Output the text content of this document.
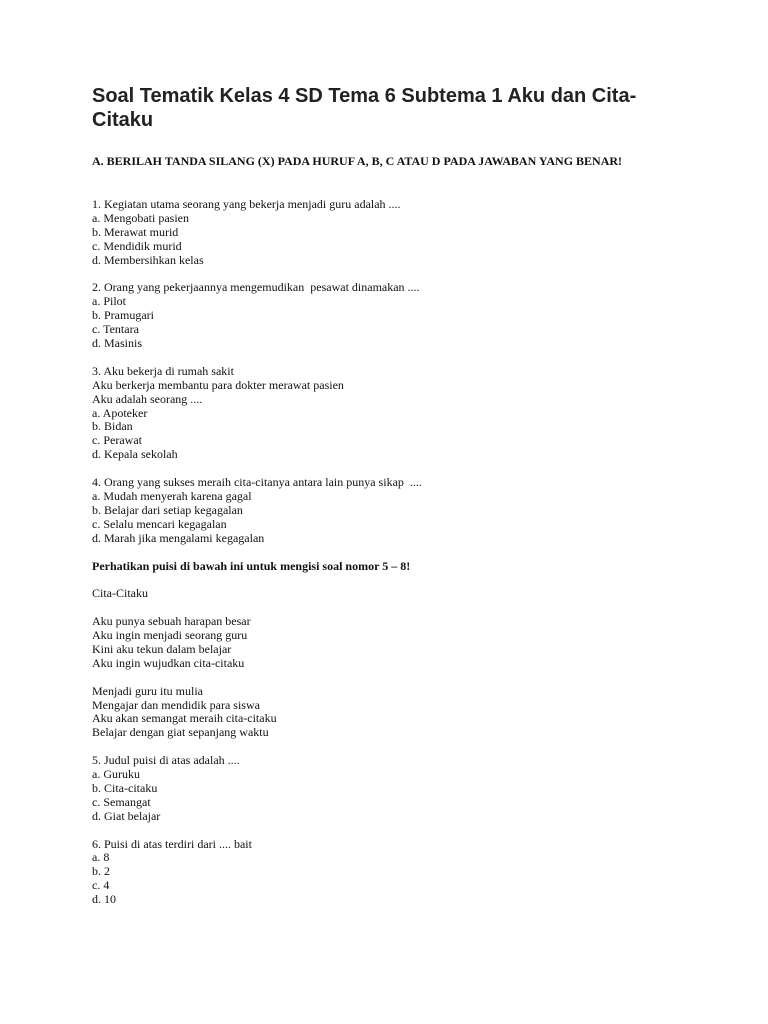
Soal Tematik Kelas 4 SD Tema 6 Subtema 1 Aku dan Cita-Citaku
A. BERILAH TANDA SILANG (X) PADA HURUF A, B, C ATAU D PADA JAWABAN YANG BENAR!
1. Kegiatan utama seorang yang bekerja menjadi guru adalah ....
a. Mengobati pasien
b. Merawat murid
c. Mendidik murid
d. Membersihkan kelas
2. Orang yang pekerjaannya mengemudikan  pesawat dinamakan ....
a. Pilot
b. Pramugari
c. Tentara
d. Masinis
3. Aku bekerja di rumah sakit
Aku berkerja membantu para dokter merawat pasien
Aku adalah seorang ....
a. Apoteker
b. Bidan
c. Perawat
d. Kepala sekolah
4. Orang yang sukses meraih cita-citanya antara lain punya sikap  ....
a. Mudah menyerah karena gagal
b. Belajar dari setiap kegagalan
c. Selalu mencari kegagalan
d. Marah jika mengalami kegagalan
Perhatikan puisi di bawah ini untuk mengisi soal nomor 5 – 8!
Cita-Citaku
Aku punya sebuah harapan besar
Aku ingin menjadi seorang guru
Kini aku tekun dalam belajar
Aku ingin wujudkan cita-citaku
Menjadi guru itu mulia
Mengajar dan mendidik para siswa
Aku akan semangat meraih cita-citaku
Belajar dengan giat sepanjang waktu
5. Judul puisi di atas adalah ....
a. Guruku
b. Cita-citaku
c. Semangat
d. Giat belajar
6. Puisi di atas terdiri dari .... bait
a. 8
b. 2
c. 4
d. 10
